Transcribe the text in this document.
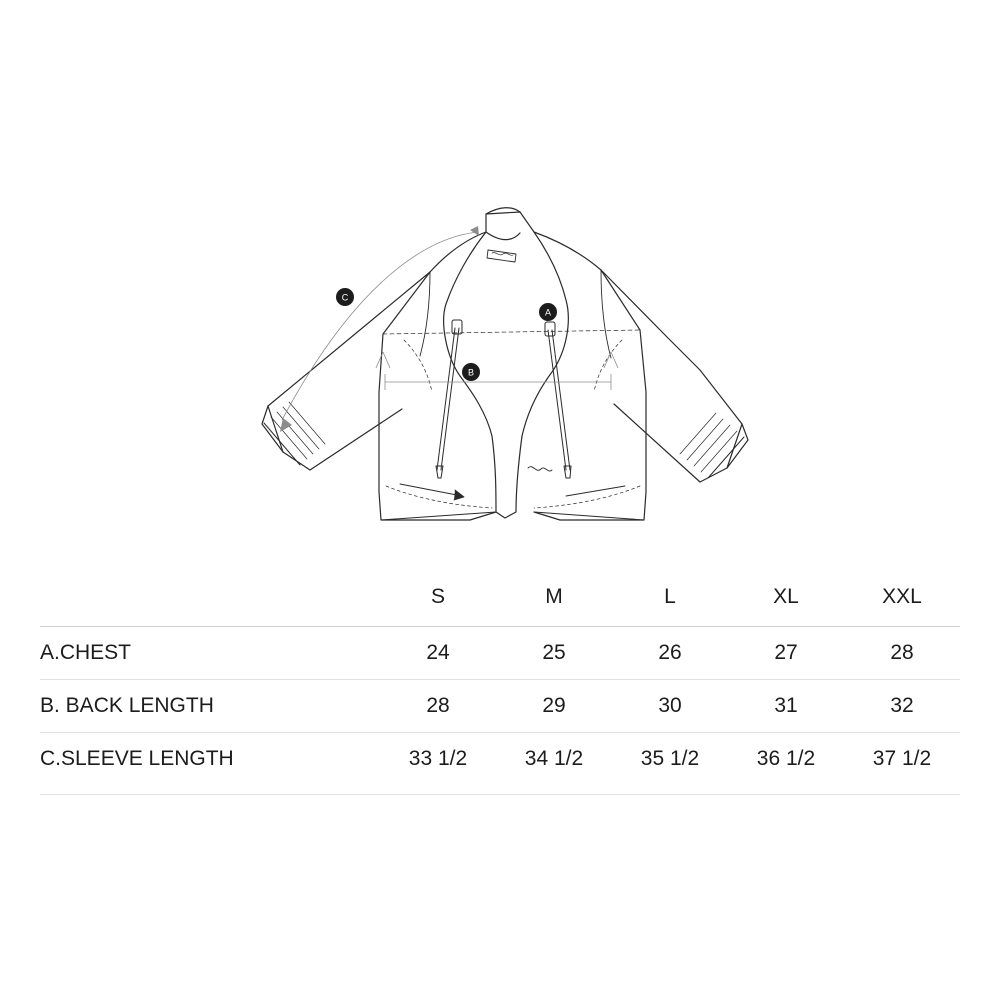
A
B
C
	S	M	L	XL	XXL

A.CHEST	24	25	26	27	28
B. BACK LENGTH	28	29	30	31	32
C.SLEEVE LENGTH	33 1/2	34 1/2	35 1/2	36 1/2	37 1/2
